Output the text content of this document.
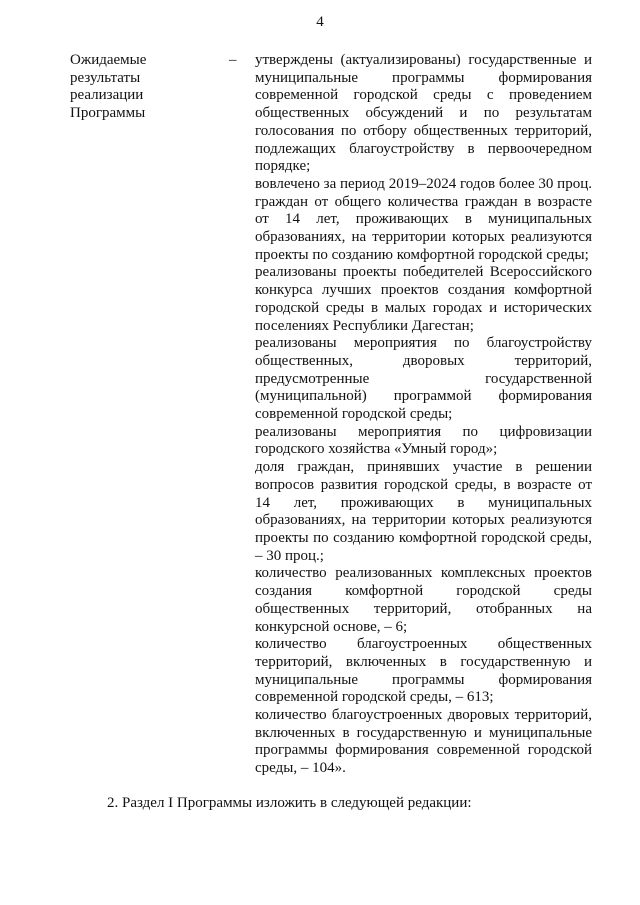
4
Ожидаемые
результаты
реализации
Программы
– утверждены (актуализированы) государственные и муниципальные программы формирования современной городской среды с проведением общественных обсуждений и по результатам голосования по отбору общественных территорий, подлежащих благоустройству в первоочередном порядке;

вовлечено за период 2019–2024 годов более 30 проц. граждан от общего количества граждан в возрасте от 14 лет, проживающих в муниципальных образованиях, на территории которых реализуются проекты по созданию комфортной городской среды;

реализованы проекты победителей Всероссийского конкурса лучших проектов создания комфортной городской среды в малых городах и исторических поселениях Республики Дагестан;

реализованы мероприятия по благоустройству общественных, дворовых территорий, предусмотренные государственной (муниципальной) программой формирования современной городской среды;

реализованы мероприятия по цифровизации городского хозяйства «Умный город»;

доля граждан, принявших участие в решении вопросов развития городской среды, в возрасте от 14 лет, проживающих в муниципальных образованиях, на территории которых реализуются проекты по созданию комфортной городской среды, – 30 проц.;

количество реализованных комплексных проектов создания комфортной городской среды общественных территорий, отобранных на конкурсной основе, – 6;

количество благоустроенных общественных территорий, включенных в государственную и муниципальные программы формирования современной городской среды, – 613;

количество благоустроенных дворовых территорий, включенных в государственную и муниципальные программы формирования современной городской среды, – 104».

2. Раздел I Программы изложить в следующей редакции:
